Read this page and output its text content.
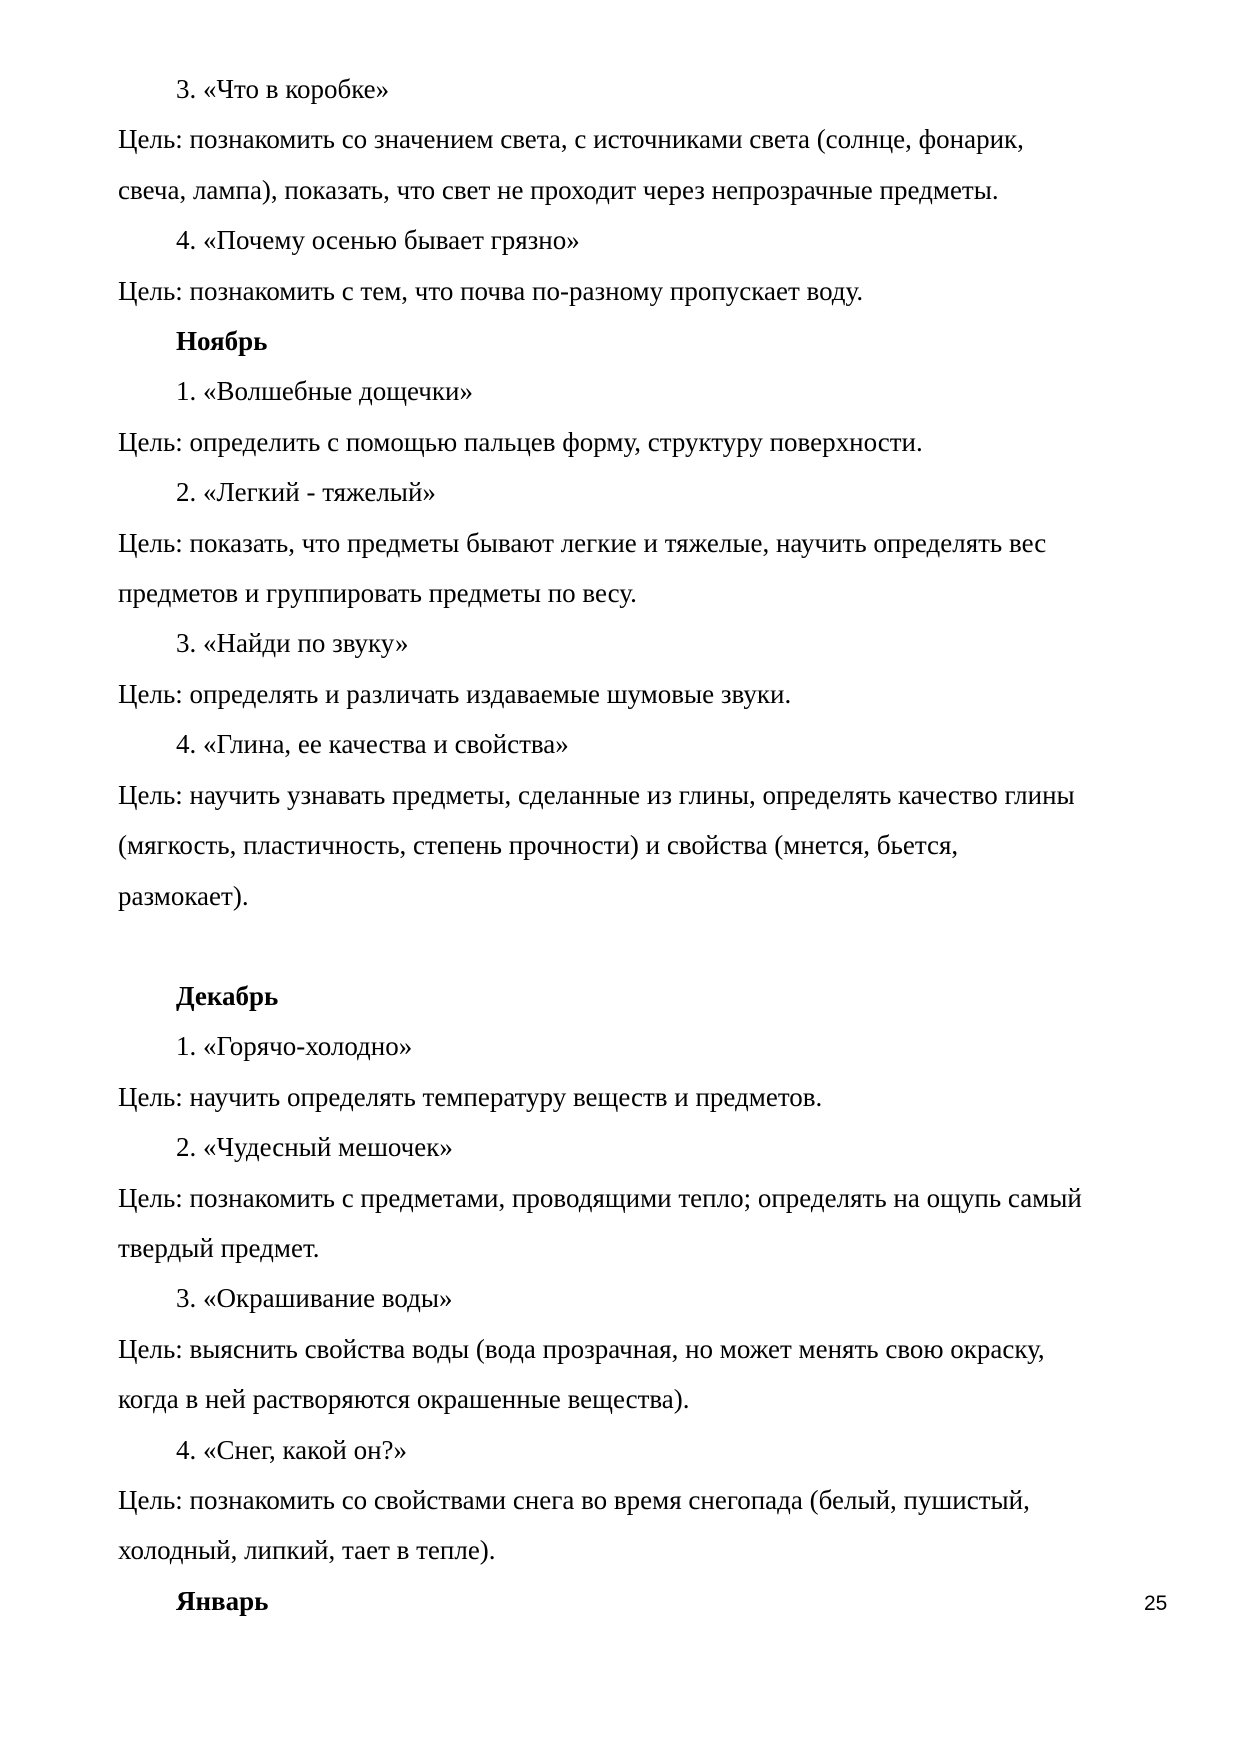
3. «Что в коробке»

Цель: познакомить со значением света, с источниками света (солнце, фонарик,

свеча, лампа), показать, что свет не проходит через непрозрачные предметы.

4. «Почему осенью бывает грязно»

Цель: познакомить с тем, что почва по-разному пропускает воду.

Ноябрь

1. «Волшебные дощечки»

Цель: определить с помощью пальцев форму, структуру поверхности.

2. «Легкий - тяжелый»

Цель: показать, что предметы бывают легкие и тяжелые, научить определять вес

предметов и группировать предметы по весу.

3. «Найди по звуку»

Цель: определять и различать издаваемые шумовые звуки.

4. «Глина, ее качества и свойства»

Цель: научить узнавать предметы, сделанные из глины, определять качество глины

(мягкость, пластичность, степень прочности) и свойства (мнется, бьется,

размокает).

Декабрь

1. «Горячо-холодно»

Цель: научить определять температуру веществ и предметов.

2. «Чудесный мешочек»

Цель: познакомить с предметами, проводящими тепло; определять на ощупь самый

твердый предмет.

3. «Окрашивание воды»

Цель: выяснить свойства воды (вода прозрачная, но может менять свою окраску,

когда в ней растворяются окрашенные вещества).

4. «Снег, какой он?»

Цель: познакомить со свойствами снега во время снегопада (белый, пушистый,

холодный, липкий, тает в тепле).

Январь	25
